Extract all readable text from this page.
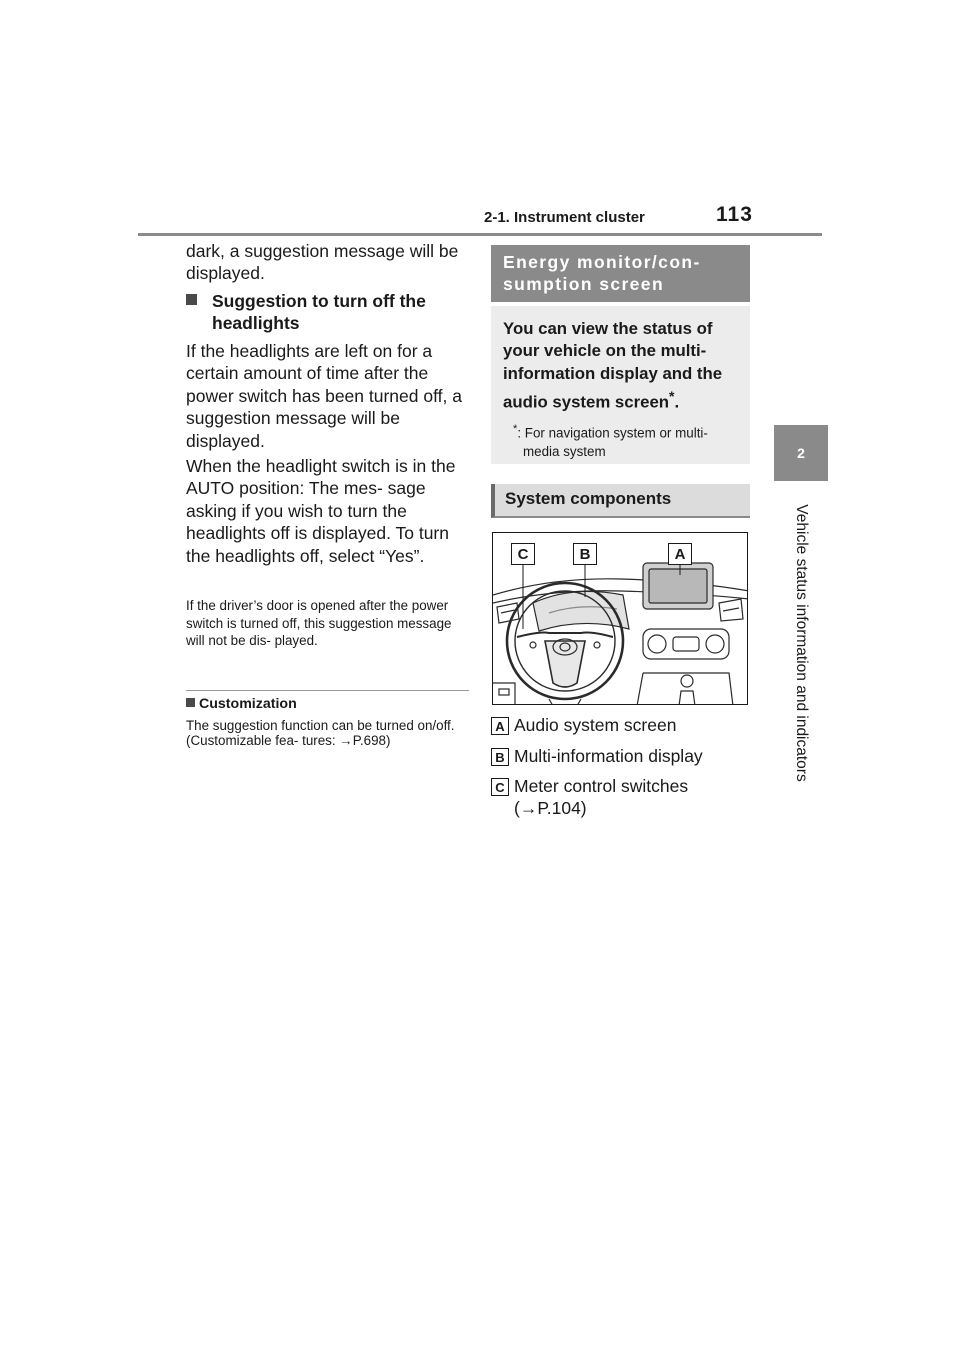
2-1. Instrument cluster	113
2
Vehicle status information and indicators
dark, a suggestion message will be displayed.
Suggestion to turn off the headlights
If the headlights are left on for a certain amount of time after the power switch has been turned off, a suggestion message will be displayed.
When the headlight switch is in the AUTO position: The mes- sage asking if you wish to turn the headlights off is displayed. To turn the headlights off, select “Yes”.
If the driver’s door is opened after the power switch is turned off, this suggestion message will not be dis- played.
Customization
The suggestion function can be turned on/off. (Customizable fea- tures: →P.698)
Energy monitor/con- sumption screen

You can view the status of your vehicle on the multi- information display and the audio system screen*.

*: For navigation system or multi- media system

System components
C	B	A
A Audio system screen
B Multi-information display
C Meter control switches (→P.104)
